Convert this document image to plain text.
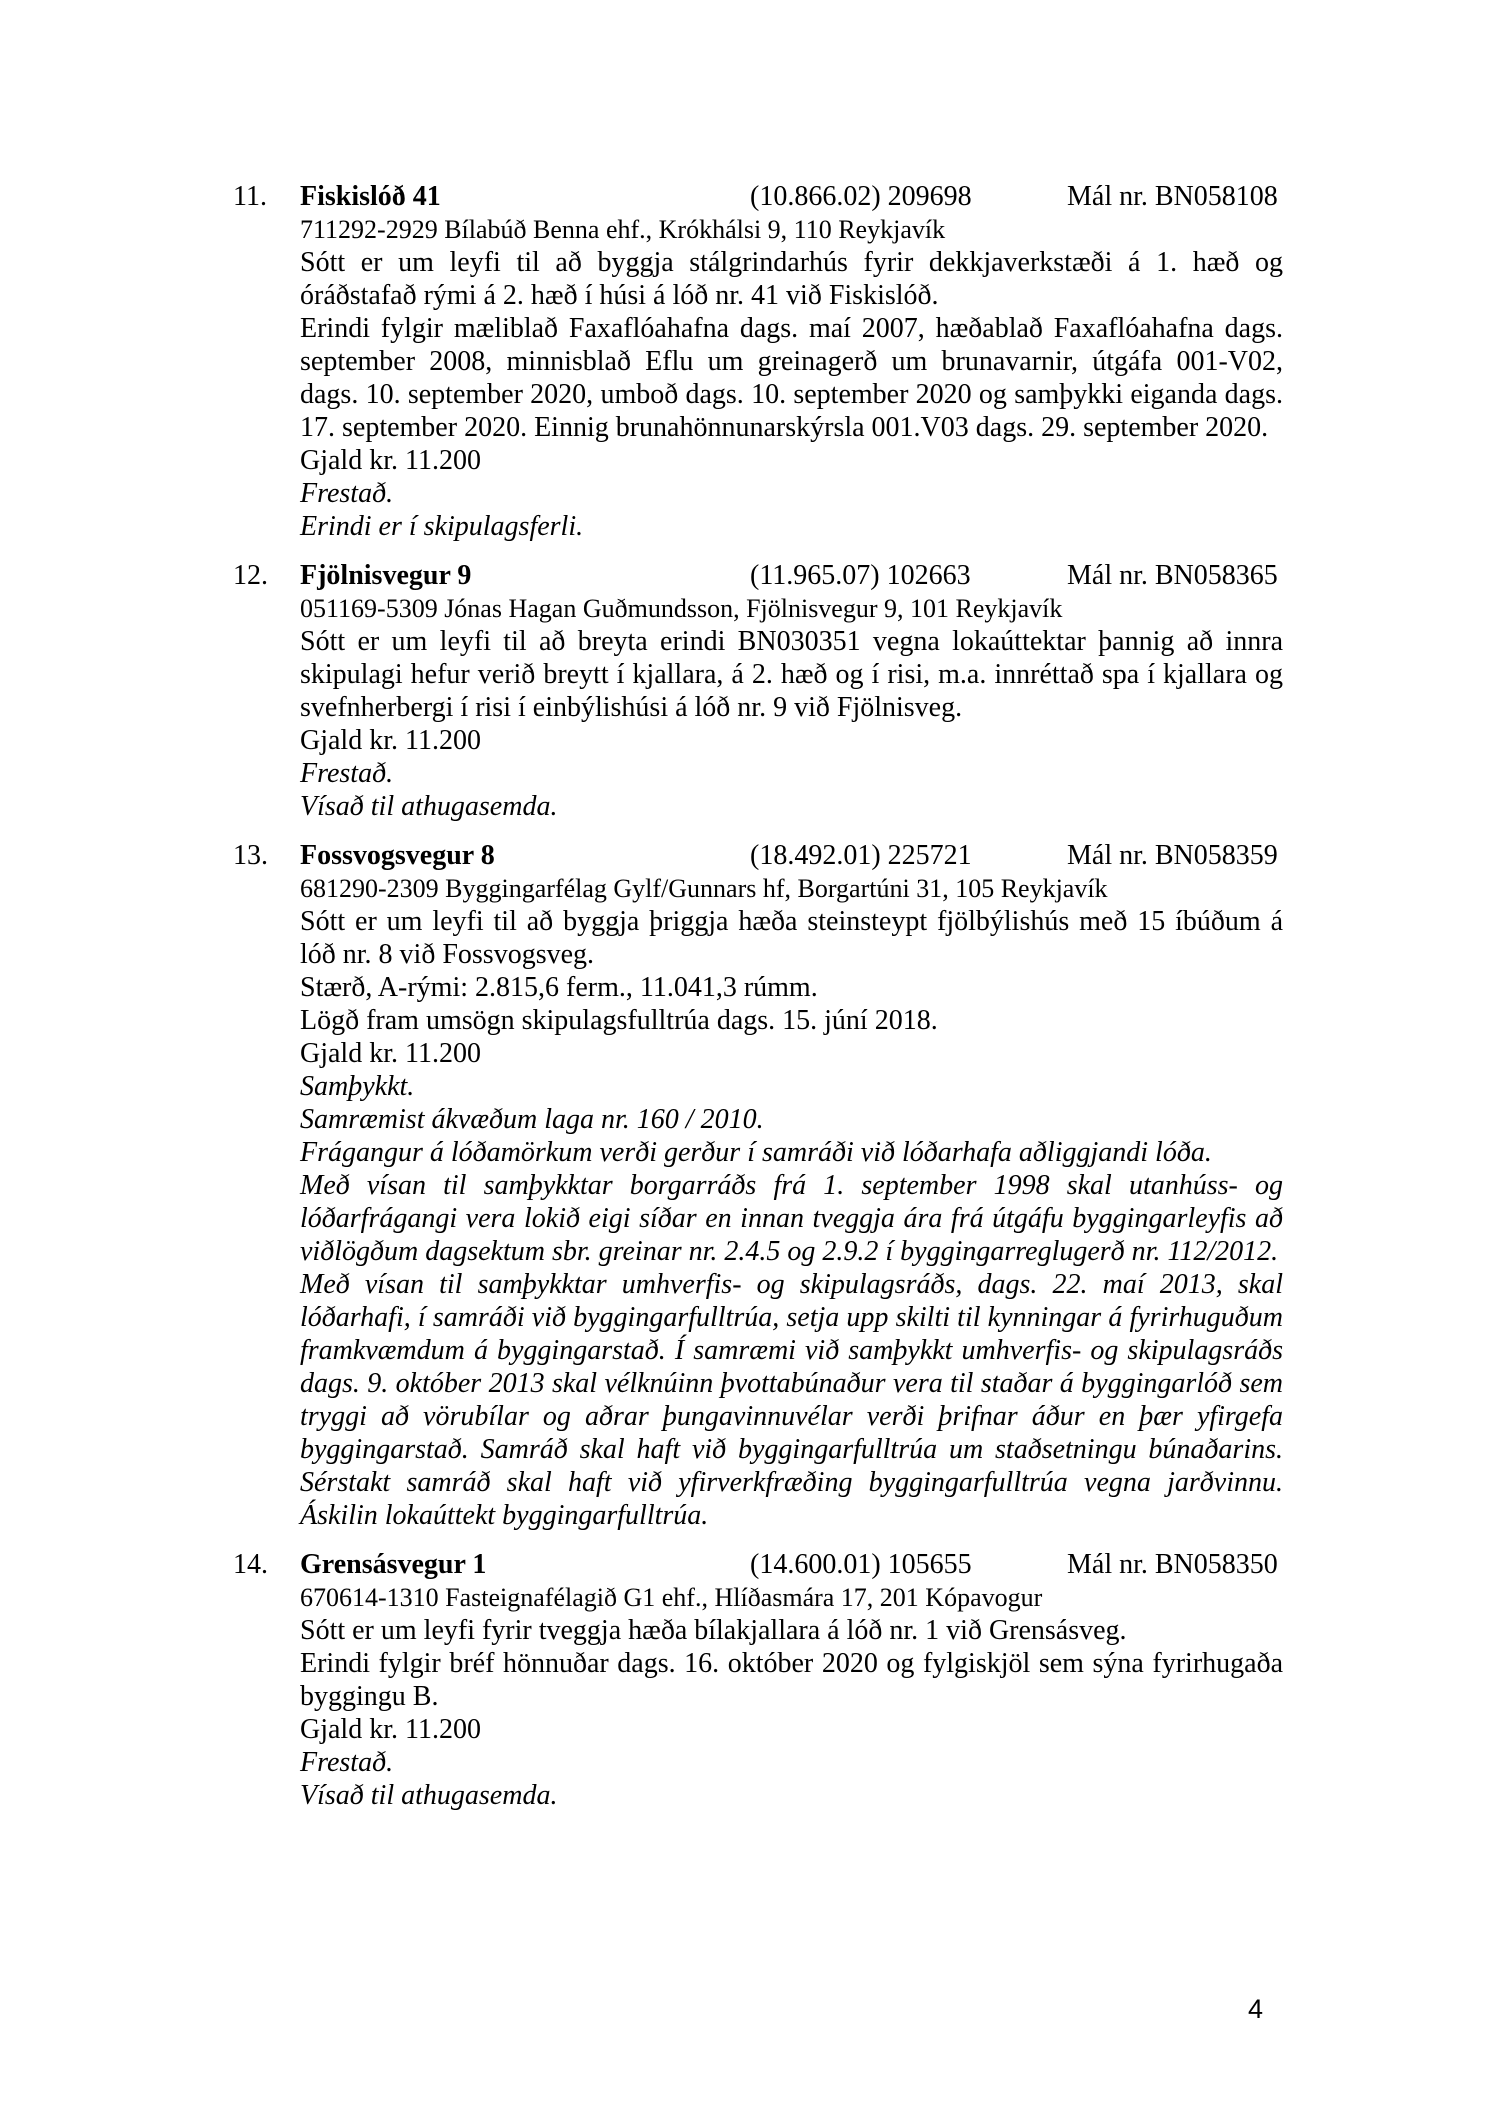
11.	Fiskislóð 41	(10.866.02) 209698	Mál nr. BN058108
711292-2929 Bílabúð Benna ehf., Krókhálsi 9, 110 Reykjavík

Sótt er um leyfi til að byggja stálgrindarhús fyrir dekkjaverkstæði á 1. hæð og óráðstafað rými á 2. hæð í húsi á lóð nr. 41 við Fiskislóð.

Erindi fylgir mæliblað Faxaflóahafna dags. maí 2007, hæðablað Faxaflóahafna dags. september 2008, minnisblað Eflu um greinagerð um brunavarnir, útgáfa 001-V02, dags. 10. september 2020, umboð dags. 10. september 2020 og samþykki eiganda dags. 17. september 2020. Einnig brunahönnunarskýrsla 001.V03 dags. 29. september 2020.

Gjald kr. 11.200

Frestað.

Erindi er í skipulagsferli.

12.	Fjölnisvegur 9	(11.965.07) 102663	Mál nr. BN058365
051169-5309 Jónas Hagan Guðmundsson, Fjölnisvegur 9, 101 Reykjavík

Sótt er um leyfi til að breyta erindi BN030351 vegna lokaúttektar þannig að innra skipulagi hefur verið breytt í kjallara, á 2. hæð og í risi, m.a. innréttað spa í kjallara og svefnherbergi í risi í einbýlishúsi á lóð nr. 9 við Fjölnisveg.

Gjald kr. 11.200

Frestað.

Vísað til athugasemda.

13.	Fossvogsvegur 8	(18.492.01) 225721	Mál nr. BN058359
681290-2309 Byggingarfélag Gylf/Gunnars hf, Borgartúni 31, 105 Reykjavík

Sótt er um leyfi til að byggja þriggja hæða steinsteypt fjölbýlishús með 15 íbúðum á lóð nr. 8 við Fossvogsveg.

Stærð, A-rými: 2.815,6 ferm., 11.041,3 rúmm.

Lögð fram umsögn skipulagsfulltrúa dags. 15. júní 2018.

Gjald kr. 11.200

Samþykkt.

Samræmist ákvæðum laga nr. 160 / 2010.

Frágangur á lóðamörkum verði gerður í samráði við lóðarhafa aðliggjandi lóða.

Með vísan til samþykktar borgarráðs frá 1. september 1998 skal utanhúss- og lóðarfrágangi vera lokið eigi síðar en innan tveggja ára frá útgáfu byggingarleyfis að viðlögðum dagsektum sbr. greinar nr. 2.4.5 og 2.9.2 í byggingarreglugerð nr. 112/2012.

Með vísan til samþykktar umhverfis- og skipulagsráðs, dags. 22. maí 2013, skal lóðarhafi, í samráði við byggingarfulltrúa, setja upp skilti til kynningar á fyrirhuguðum framkvæmdum á byggingarstað. Í samræmi við samþykkt umhverfis- og skipulagsráðs dags. 9. október 2013 skal vélknúinn þvottabúnaður vera til staðar á byggingarlóð sem tryggi að vörubílar og aðrar þungavinnuvélar verði þrifnar áður en þær yfirgefa byggingarstað. Samráð skal haft við byggingarfulltrúa um staðsetningu búnaðarins. Sérstakt samráð skal haft við yfirverkfræðing byggingarfulltrúa vegna jarðvinnu. Áskilin lokaúttekt byggingarfulltrúa.

14.	Grensásvegur 1	(14.600.01) 105655	Mál nr. BN058350
670614-1310 Fasteignafélagið G1 ehf., Hlíðasmára 17, 201 Kópavogur

Sótt er um leyfi fyrir tveggja hæða bílakjallara á lóð nr. 1 við Grensásveg.

Erindi fylgir bréf hönnuðar dags. 16. október 2020 og fylgiskjöl sem sýna fyrirhugaða byggingu B.

Gjald kr. 11.200

Frestað.

Vísað til athugasemda.

4
